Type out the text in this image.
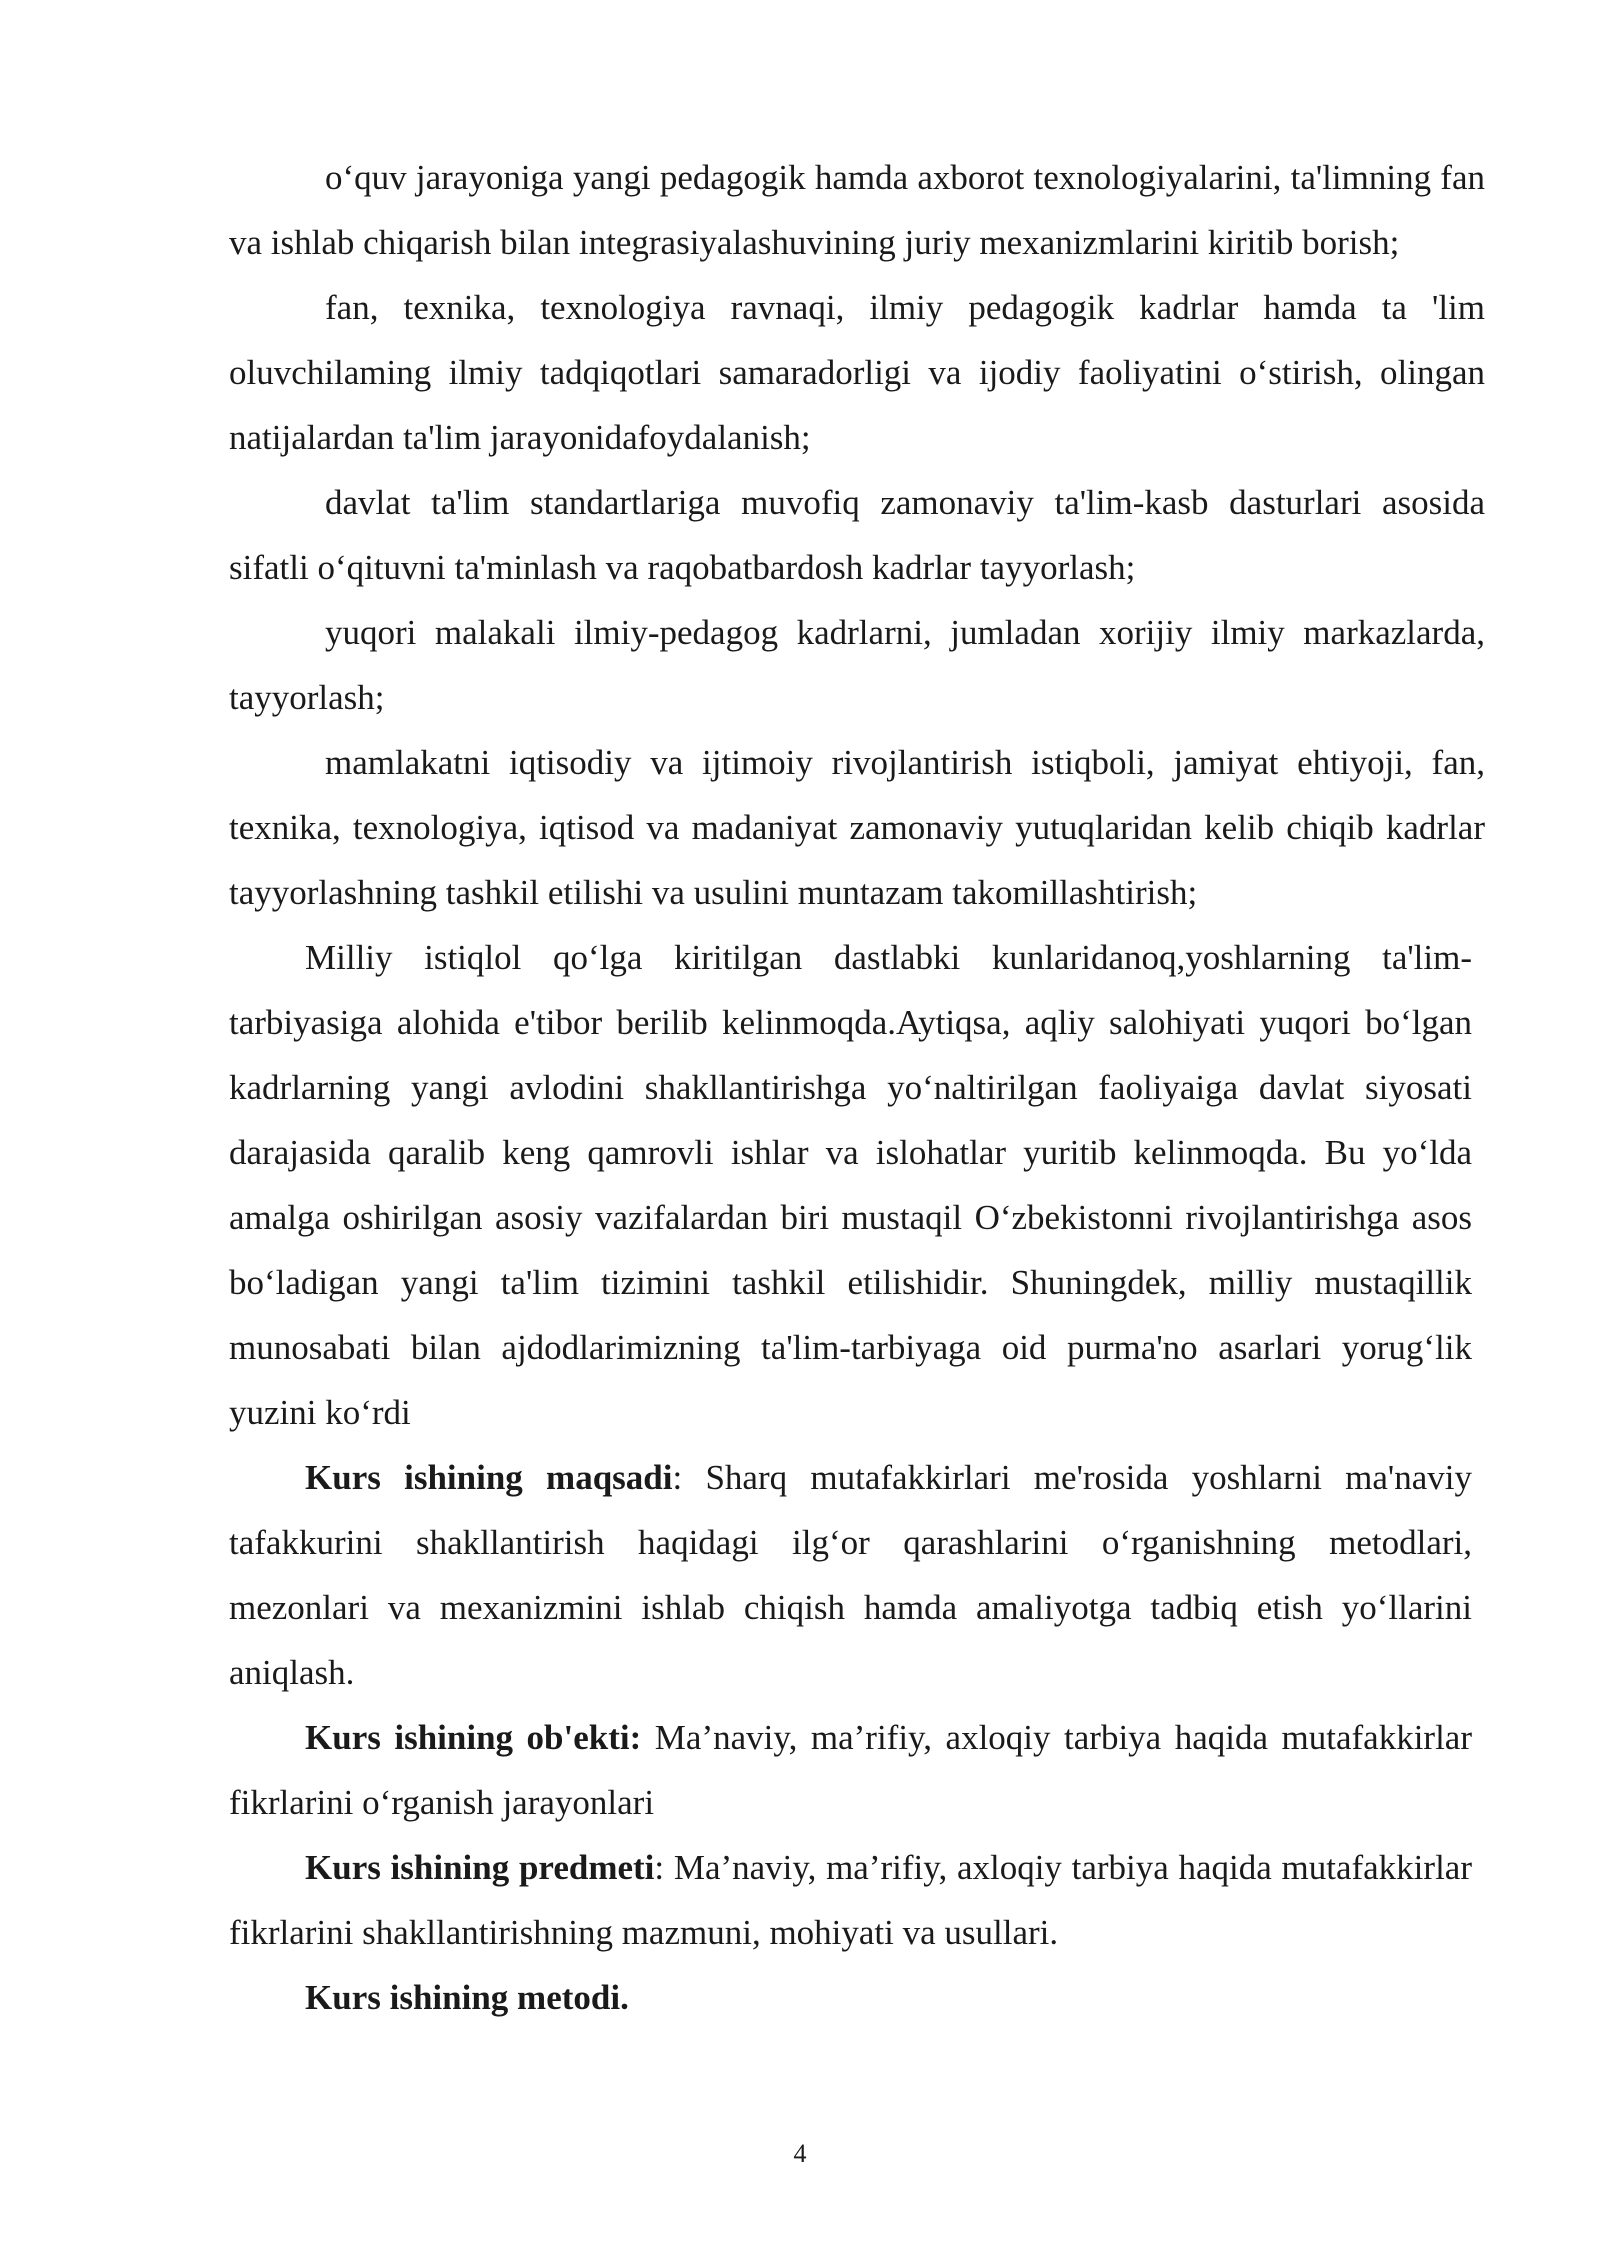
o‘quv jarayoniga yangi pedagogik hamda axborot texnologiyalarini, ta'limning fan va ishlab chiqarish bilan integrasiyalashuvining juriy mexanizmlarini kiritib borish;

fan, texnika, texnologiya ravnaqi, ilmiy pedagogik kadrlar hamda ta 'lim oluvchilaming ilmiy tadqiqotlari samaradorligi va ijodiy faoliyatini o‘stirish, olingan natijalardan ta'lim jarayonidafoydalanish;

davlat ta'lim standartlariga muvofiq zamonaviy ta'lim-kasb dasturlari asosida sifatli o‘qituvni ta'minlash va raqobatbardosh kadrlar tayyorlash;

yuqori malakali ilmiy-pedagog kadrlarni, jumladan xorijiy ilmiy markazlarda, tayyorlash;

mamlakatni iqtisodiy va ijtimoiy rivojlantirish istiqboli, jamiyat ehtiyoji, fan, texnika, texnologiya, iqtisod va madaniyat zamonaviy yutuqlaridan kelib chiqib kadrlar tayyorlashning tashkil etilishi va usulini muntazam takomillashtirish;

Milliy istiqlol qo‘lga kiritilgan dastlabki kunlaridanoq,yoshlarning ta'lim-tarbiyasiga alohida e'tibor berilib kelinmoqda.Aytiqsa, aqliy salohiyati yuqori bo‘lgan kadrlarning yangi avlodini shakllantirishga yo‘naltirilgan faoliyaiga davlat siyosati darajasida qaralib keng qamrovli ishlar va islohatlar yuritib kelinmoqda. Bu yo‘lda amalga oshirilgan asosiy vazifalardan biri mustaqil O‘zbekistonni rivojlantirishga asos bo‘ladigan yangi ta'lim tizimini tashkil etilishidir. Shuningdek, milliy mustaqillik munosabati bilan ajdodlarimizning ta'lim-tarbiyaga oid purma'no asarlari yorug‘lik yuzini ko‘rdi

Kurs ishining maqsadi: Sharq mutafakkirlari me'rosida yoshlarni ma'naviy tafakkurini shakllantirish haqidagi ilg‘or qarashlarini o‘rganishning metodlari, mezonlari va mexanizmini ishlab chiqish hamda amaliyotga tadbiq etish yo‘llarini aniqlash.

Kurs ishining ob'ekti: Ma’naviy, ma’rifiy, axloqiy tarbiya haqida mutafakkirlar fikrlarini o‘rganish jarayonlari

Kurs ishining predmeti: Ma’naviy, ma’rifiy, axloqiy tarbiya haqida mutafakkirlar fikrlarini shakllantirishning mazmuni, mohiyati va usullari.

Kurs ishining metodi.

4
